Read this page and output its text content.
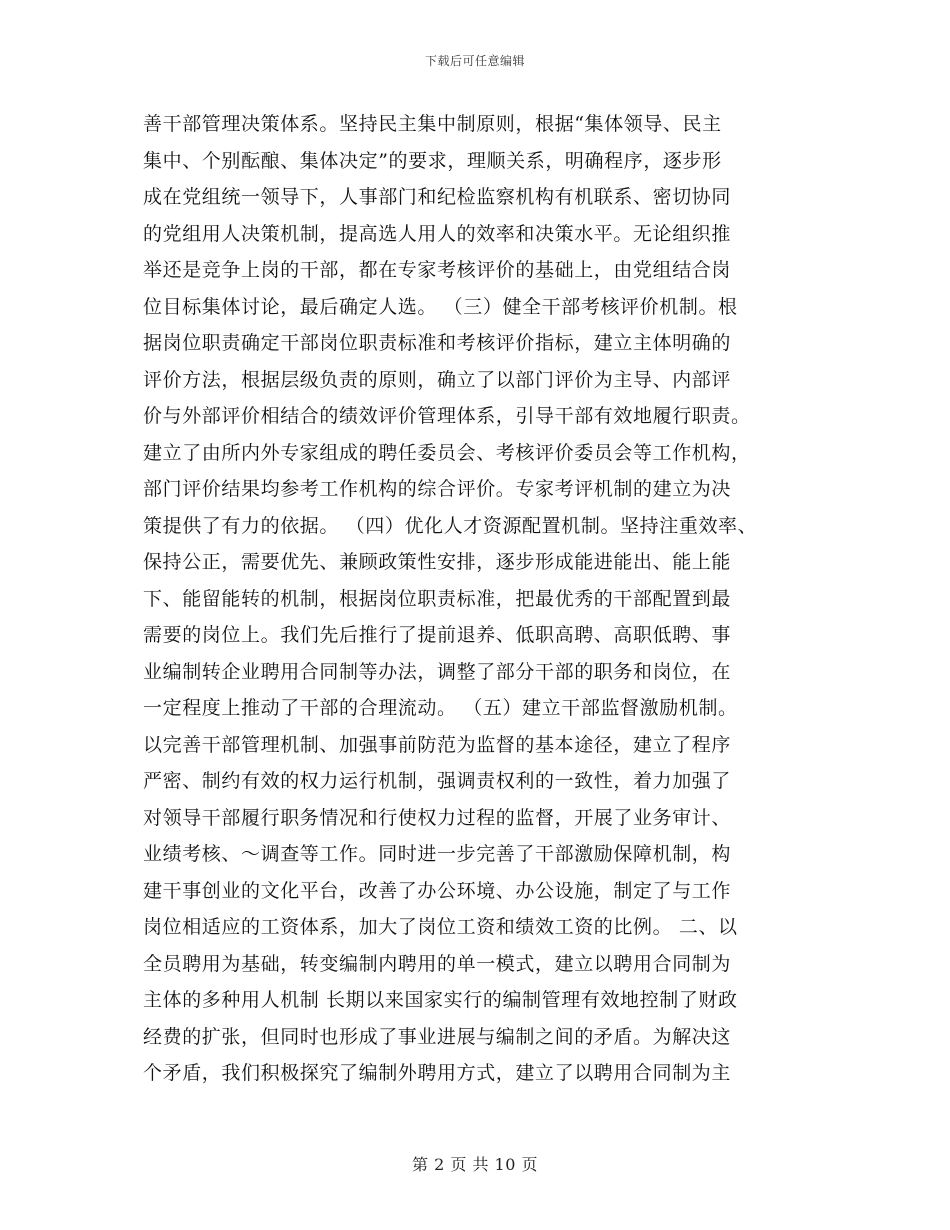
下载后可任意编辑
善干部管理决策体系。坚持民主集中制原则，根据“集体领导、民主
集中、个别酝酿、集体决定”的要求，理顺关系，明确程序，逐步形
成在党组统一领导下，人事部门和纪检监察机构有机联系、密切协同
的党组用人决策机制，提高选人用人的效率和决策水平。无论组织推
举还是竞争上岗的干部，都在专家考核评价的基础上，由党组结合岗
位目标集体讨论，最后确定人选。 （三）健全干部考核评价机制。根
据岗位职责确定干部岗位职责标准和考核评价指标，建立主体明确的
评价方法，根据层级负责的原则，确立了以部门评价为主导、内部评
价与外部评价相结合的绩效评价管理体系，引导干部有效地履行职责。
建立了由所内外专家组成的聘任委员会、考核评价委员会等工作机构，
部门评价结果均参考工作机构的综合评价。专家考评机制的建立为决
策提供了有力的依据。 （四）优化人才资源配置机制。坚持注重效率、
保持公正，需要优先、兼顾政策性安排，逐步形成能进能出、能上能
下、能留能转的机制，根据岗位职责标准，把最优秀的干部配置到最
需要的岗位上。我们先后推行了提前退养、低职高聘、高职低聘、事
业编制转企业聘用合同制等办法，调整了部分干部的职务和岗位，在
一定程度上推动了干部的合理流动。 （五）建立干部监督激励机制。
以完善干部管理机制、加强事前防范为监督的基本途径，建立了程序
严密、制约有效的权力运行机制，强调责权利的一致性，着力加强了
对领导干部履行职务情况和行使权力过程的监督，开展了业务审计、
业绩考核、～调查等工作。同时进一步完善了干部激励保障机制，构
建干事创业的文化平台，改善了办公环境、办公设施，制定了与工作
岗位相适应的工资体系，加大了岗位工资和绩效工资的比例。 二、以
全员聘用为基础，转变编制内聘用的单一模式，建立以聘用合同制为
主体的多种用人机制 长期以来国家实行的编制管理有效地控制了财政
经费的扩张，但同时也形成了事业进展与编制之间的矛盾。为解决这
个矛盾，我们积极探究了编制外聘用方式，建立了以聘用合同制为主
第 2 页 共 10 页
